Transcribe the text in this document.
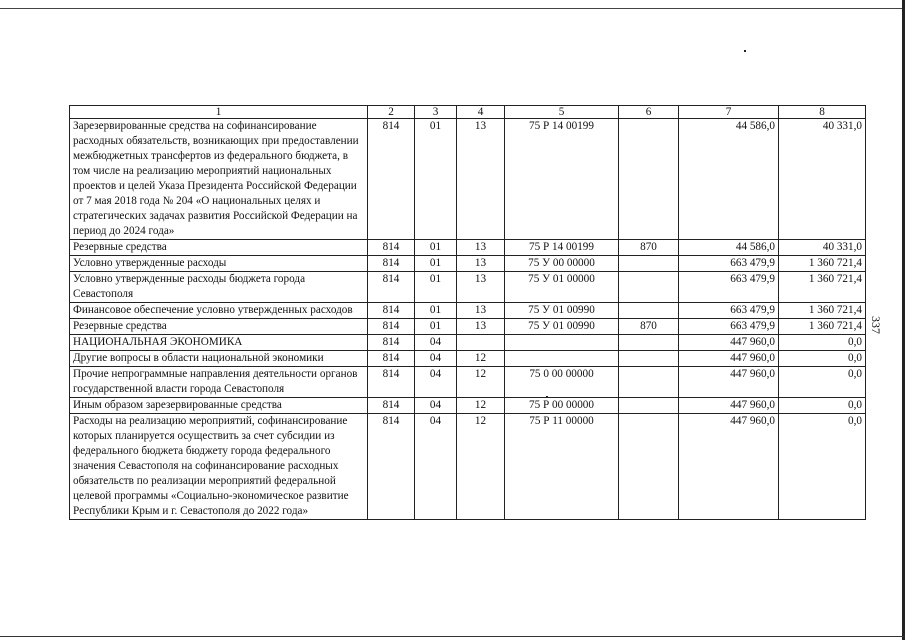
337
1	2	3	4	5	6	7	8
Зарезервированные средства на софинансирование расходных обязательств, возникающих при предоставлении межбюджетных трансфертов из федерального бюджета, в том числе на реализацию мероприятий национальных проектов и целей Указа Президента Российской Федерации от 7 мая 2018 года № 204 «О национальных целях и стратегических задачах развития Российской Федерации на период до 2024 года»	814	01	13	75 Р 14 00199		44 586,0	40 331,0
Резервные средства	814	01	13	75 Р 14 00199	870	44 586,0	40 331,0
Условно утвержденные расходы	814	01	13	75 У 00 00000		663 479,9	1 360 721,4
Условно утвержденные расходы бюджета города Севастополя	814	01	13	75 У 01 00000		663 479,9	1 360 721,4
Финансовое обеспечение условно утвержденных расходов	814	01	13	75 У 01 00990		663 479,9	1 360 721,4
Резервные средства	814	01	13	75 У 01 00990	870	663 479,9	1 360 721,4
НАЦИОНАЛЬНАЯ ЭКОНОМИКА	814	04				447 960,0	0,0
Другие вопросы в области национальной экономики	814	04	12			447 960,0	0,0
Прочие непрограммные направления деятельности органов государственной власти города Севастополя	814	04	12	75 0 00 00000		447 960,0	0,0
Иным образом зарезервированные средства	814	04	12	75 Р 00 00000		447 960,0	0,0
Расходы на реализацию мероприятий, софинансирование которых планируется осуществить за счет субсидии из федерального бюджета бюджету города федерального значения Севастополя на софинансирование расходных обязательств по реализации мероприятий федеральной целевой программы «Социально-экономическое развитие Республики Крым и г. Севастополя до 2022 года»	814	04	12	75 Р 11 00000		447 960,0	0,0
